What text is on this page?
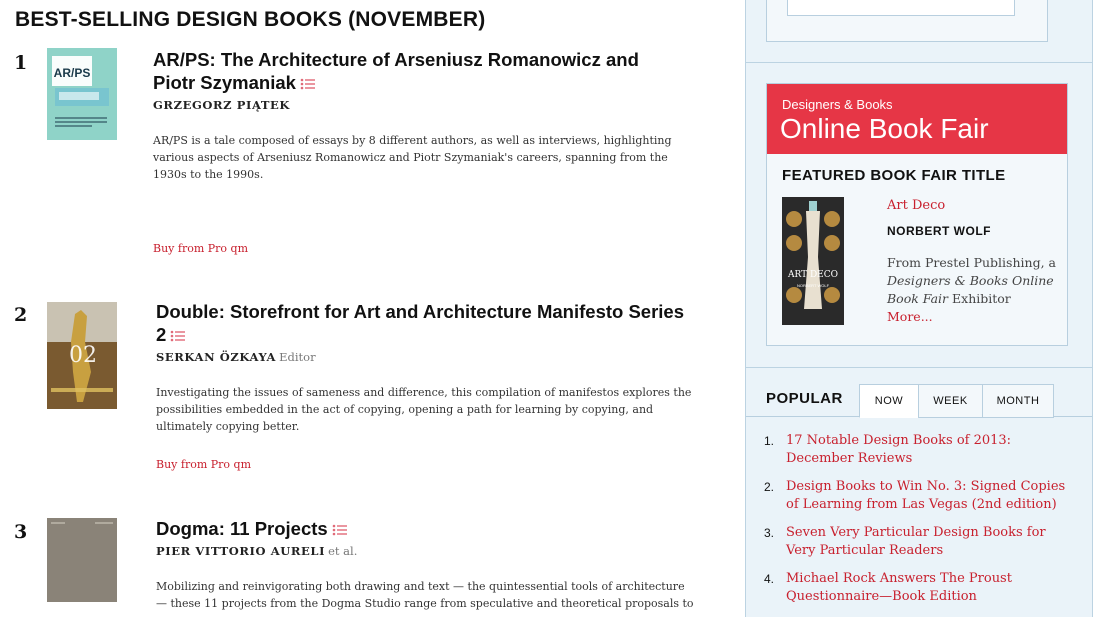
BEST-SELLING DESIGN BOOKS (NOVEMBER)
1 AR/PS
AR/PS: The Architecture of Arseniusz Romanowicz and Piotr Szymaniak
GRZEGORZ PIĄTEK
AR/PS is a tale composed of essays by 8 different authors, as well as interviews, highlighting various aspects of Arseniusz Romanowicz and Piotr Szymaniak's careers, spanning from the 1930s to the 1990s.
Buy from Pro qm
2
02
Double: Storefront for Art and Architecture Manifesto Series 2
SERKAN ÖZKAYA Editor
Investigating the issues of sameness and difference, this compilation of manifestos explores the possibilities embedded in the act of copying, opening a path for learning by copying, and ultimately copying better.
Buy from Pro qm
3	Dogma: 11 Projects
PIER VITTORIO AURELI et al.
Mobilizing and reinvigorating both drawing and text — the quintessential tools of architecture — these 11 projects from the Dogma Studio range from speculative and theoretical proposals to
Designers & Books
Online Book Fair
FEATURED BOOK FAIR TITLE
ART DECO
NORBERT WOLF
Art Deco
NORBERT WOLF
From Prestel Publishing, a Designers & Books Online Book Fair Exhibitor
More...
POPULAR	NOW	WEEK	MONTH
1. 17 Notable Design Books of 2013: December Reviews
2. Design Books to Win No. 3: Signed Copies of Learning from Las Vegas (2nd edition)
3. Seven Very Particular Design Books for Very Particular Readers
4. Michael Rock Answers The Proust Questionnaire—Book Edition
